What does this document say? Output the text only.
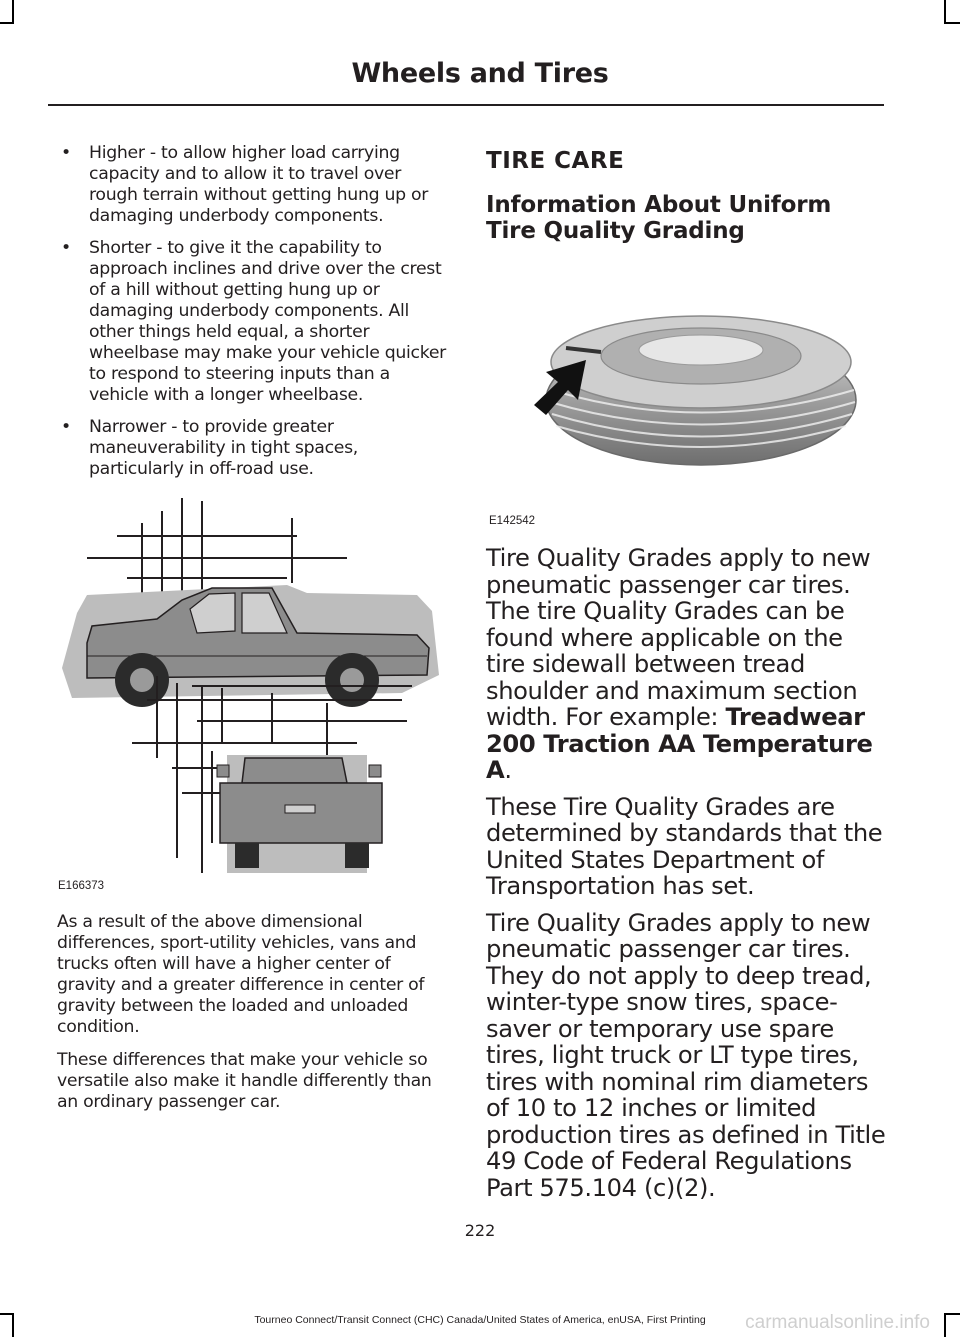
Wheels and Tires
• Higher - to allow higher load carrying capacity and to allow it to travel over rough terrain without getting hung up or damaging underbody components.
• Shorter - to give it the capability to approach inclines and drive over the crest of a hill without getting hung up or damaging underbody components. All other things held equal, a shorter wheelbase may make your vehicle quicker to respond to steering inputs than a vehicle with a longer wheelbase.
• Narrower - to provide greater maneuverability in tight spaces, particularly in off-road use.
E166373

As a result of the above dimensional differences, sport-utility vehicles, vans and trucks often will have a higher center of gravity and a greater difference in center of gravity between the loaded and unloaded condition.

These differences that make your vehicle so versatile also make it handle differently than an ordinary passenger car.

TIRE CARE
Information About Uniform Tire Quality Grading
E142542

Tire Quality Grades apply to new pneumatic passenger car tires. The tire Quality Grades can be found where applicable on the tire sidewall between tread shoulder and maximum section width. For example: Treadwear 200 Traction AA Temperature A.

These Tire Quality Grades are determined by standards that the United States Department of Transportation has set.

Tire Quality Grades apply to new pneumatic passenger car tires. They do not apply to deep tread, winter-type snow tires, space-saver or temporary use spare tires, light truck or LT type tires, tires with nominal rim diameters of 10 to 12 inches or limited production tires as defined in Title 49 Code of Federal Regulations Part 575.104 (c)(2).

222
Tourneo Connect/Transit Connect (CHC) Canada/United States of America, enUSA, First Printing	carmanualsonline.info
